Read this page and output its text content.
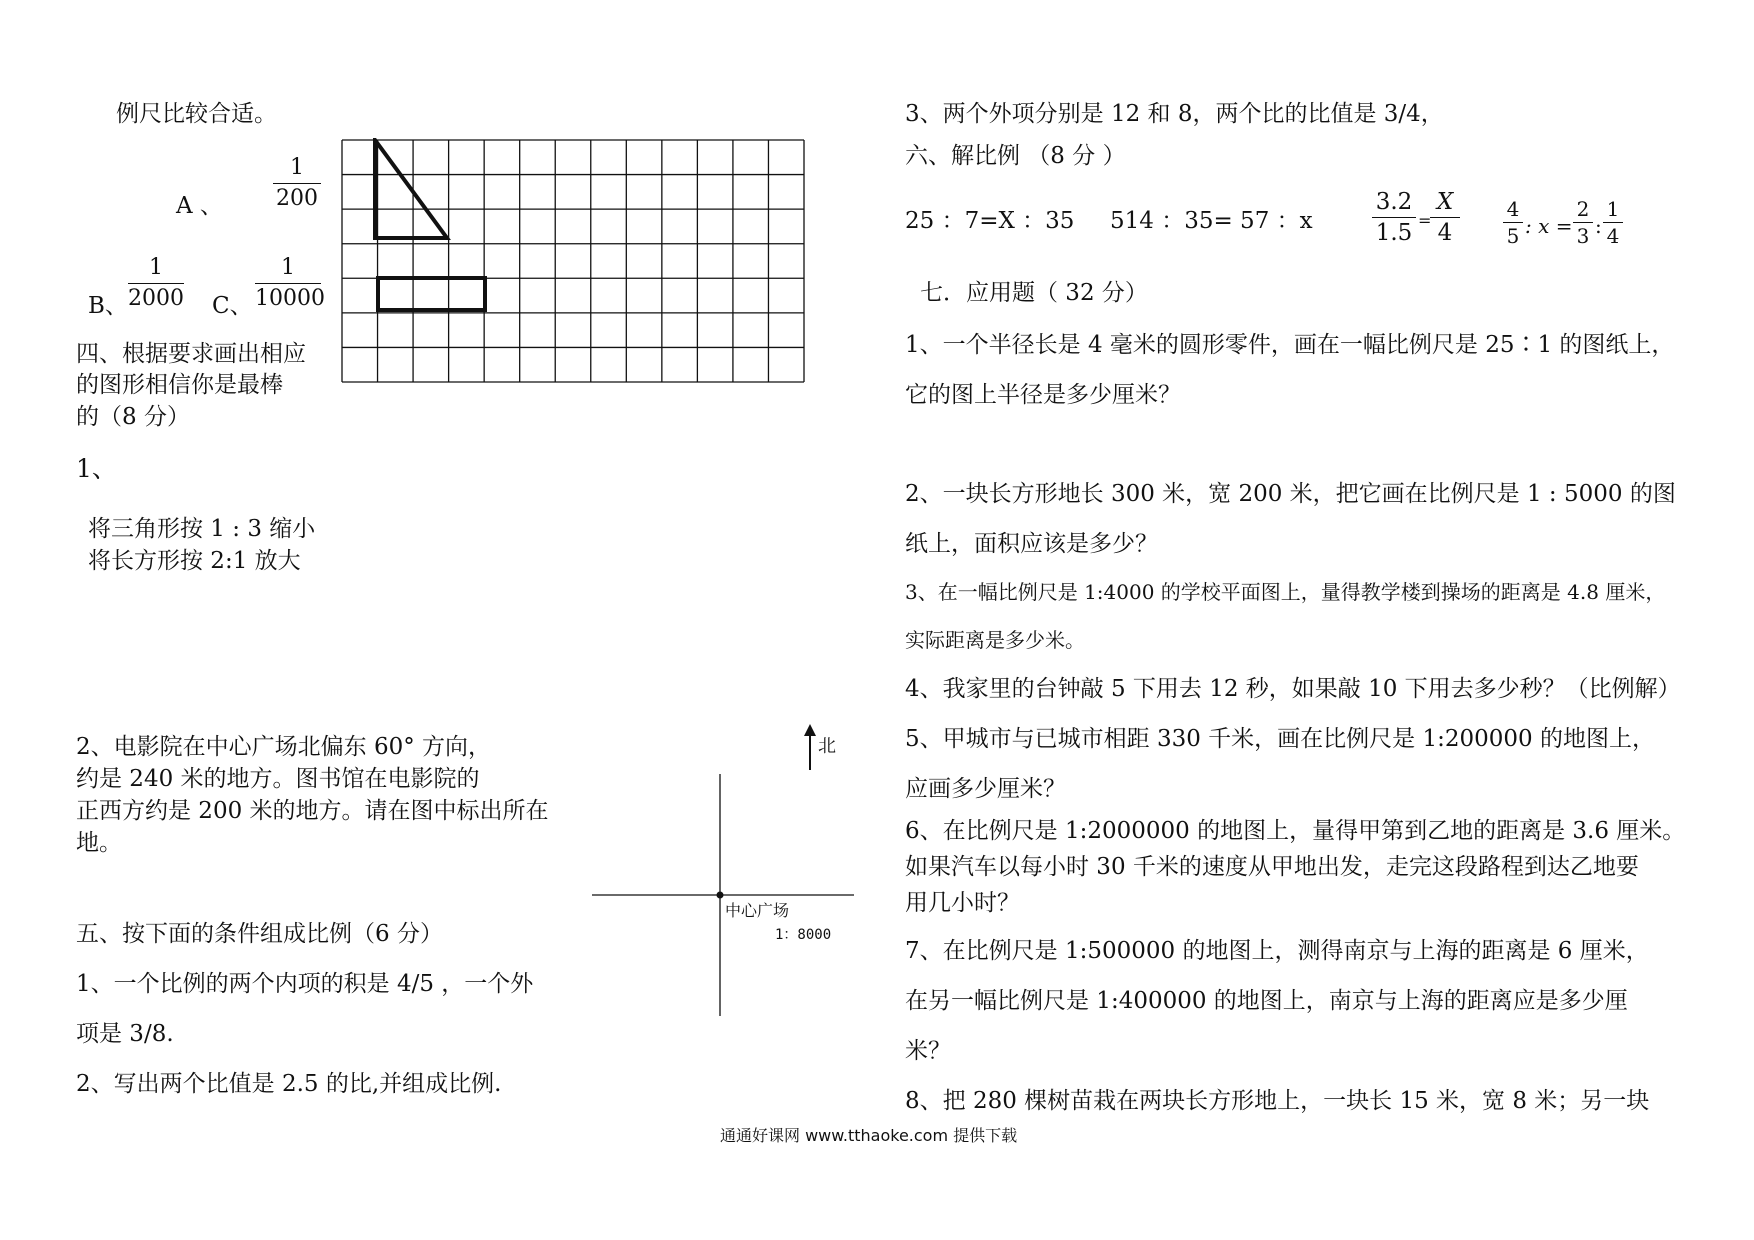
例尺比较合适。
A 、
1
200
B、
1
2000 C、
1
10000
四、根据要求画出相应
的图形相信你是最棒
的（8 分）
1、
将三角形按 1 : 3 缩小
将长方形按 2:1 放大
2、电影院在中心广场北偏东 60° 方向，
约是 240 米的地方。图书馆在电影院的
正西方约是 200 米的地方。请在图中标出所在
地。
北
中心广场
1：8000
五、按下面的条件组成比例（6 分）
1、一个比例的两个内项的积是 4/5 ，一个外
项是 3/8.
2、写出两个比值是 2.5 的比,并组成比例.
3、两个外项分别是 12 和 8，两个比的比值是 3/4，
六、解比例 （8 分 ）
25 ：7=X ：35 514 ：35= 57 ：x
3.2
1.5 =
X
4
4
5 : x =
2
3 :
1
4
七．应用题（ 32 分）
1、一个半径长是 4 毫米的圆形零件，画在一幅比例尺是 25∶1 的图纸上，
它的图上半径是多少厘米？
2、一块长方形地长 300 米，宽 200 米，把它画在比例尺是 1 : 5000 的图
纸上，面积应该是多少？
3、在一幅比例尺是 1:4000 的学校平面图上，量得教学楼到操场的距离是 4.8 厘米，
实际距离是多少米。
4、我家里的台钟敲 5 下用去 12 秒，如果敲 10 下用去多少秒？（比例解）
5、甲城市与已城市相距 330 千米，画在比例尺是 1:200000 的地图上，
应画多少厘米？
6、在比例尺是 1:2000000 的地图上，量得甲第到乙地的距离是 3.6 厘米。
如果汽车以每小时 30 千米的速度从甲地出发，走完这段路程到达乙地要
用几小时？
7、在比例尺是 1:500000 的地图上，测得南京与上海的距离是 6 厘米，
在另一幅比例尺是 1:400000 的地图上，南京与上海的距离应是多少厘
米？
8、把 280 棵树苗栽在两块长方形地上，一块长 15 米，宽 8 米；另一块
通通好课网 www.tthaoke.com 提供下载
